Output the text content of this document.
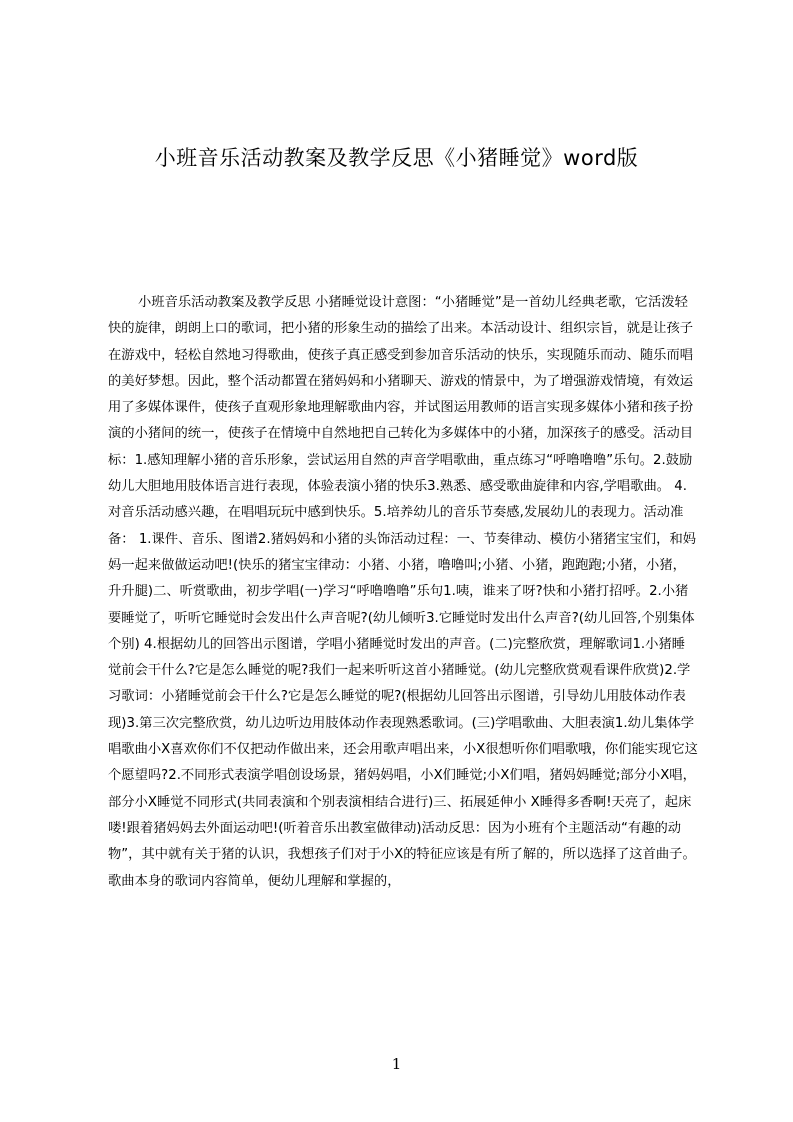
小班音乐活动教案及教学反思《小猪睡觉》word版

小班音乐活动教案及教学反思 小猪睡觉设计意图：“小猪睡觉”是一首幼儿经典老歌，它活泼轻快的旋律，朗朗上口的歌词，把小猪的形象生动的描绘了出来。本活动设计、组织宗旨，就是让孩子在游戏中，轻松自然地习得歌曲，使孩子真正感受到参加音乐活动的快乐，实现随乐而动、随乐而唱的美好梦想。因此，整个活动都置在猪妈妈和小猪聊天、游戏的情景中，为了增强游戏情境，有效运用了多媒体课件，使孩子直观形象地理解歌曲内容，并试图运用教师的语言实现多媒体小猪和孩子扮演的小猪间的统一，使孩子在情境中自然地把自己转化为多媒体中的小猪，加深孩子的感受。活动目标：1.感知理解小猪的音乐形象，尝试运用自然的声音学唱歌曲，重点练习“呼噜噜噜”乐句。2.鼓励幼儿大胆地用肢体语言进行表现，体验表演小猪的快乐3.熟悉、感受歌曲旋律和内容,学唱歌曲。 4.对音乐活动感兴趣，在唱唱玩玩中感到快乐。5.培养幼儿的音乐节奏感,发展幼儿的表现力。活动准备： 1.课件、音乐、图谱2.猪妈妈和小猪的头饰活动过程：一、节奏律动、模仿小猪猪宝宝们，和妈妈一起来做做运动吧!(快乐的猪宝宝律动：小猪、小猪，噜噜叫;小猪、小猪，跑跑跑;小猪，小猪，升升腿)二、听赏歌曲，初步学唱(一)学习“呼噜噜噜”乐句1.咦，谁来了呀?快和小猪打招呼。2.小猪要睡觉了，听听它睡觉时会发出什么声音呢?(幼儿倾听3.它睡觉时发出什么声音?(幼儿回答,个别集体个别) 4.根据幼儿的回答出示图谱，学唱小猪睡觉时发出的声音。(二)完整欣赏，理解歌词1.小猪睡觉前会干什么?它是怎么睡觉的呢?我们一起来听听这首小猪睡觉。(幼儿完整欣赏观看课件欣赏)2.学习歌词：小猪睡觉前会干什么?它是怎么睡觉的呢?(根据幼儿回答出示图谱，引导幼儿用肢体动作表现)3.第三次完整欣赏，幼儿边听边用肢体动作表现熟悉歌词。(三)学唱歌曲、大胆表演1.幼儿集体学唱歌曲小X喜欢你们不仅把动作做出来，还会用歌声唱出来，小X很想听你们唱歌哦，你们能实现它这个愿望吗?2.不同形式表演学唱创设场景，猪妈妈唱，小X们睡觉;小X们唱，猪妈妈睡觉;部分小X唱，部分小X睡觉不同形式(共同表演和个别表演相结合进行)三、拓展延伸小 X睡得多香啊!天亮了，起床喽!跟着猪妈妈去外面运动吧!(听着音乐出教室做律动)活动反思：因为小班有个主题活动“有趣的动物”，其中就有关于猪的认识，我想孩子们对于小X的特征应该是有所了解的，所以选择了这首曲子。歌曲本身的歌词内容简单，便幼儿理解和掌握的，

1
